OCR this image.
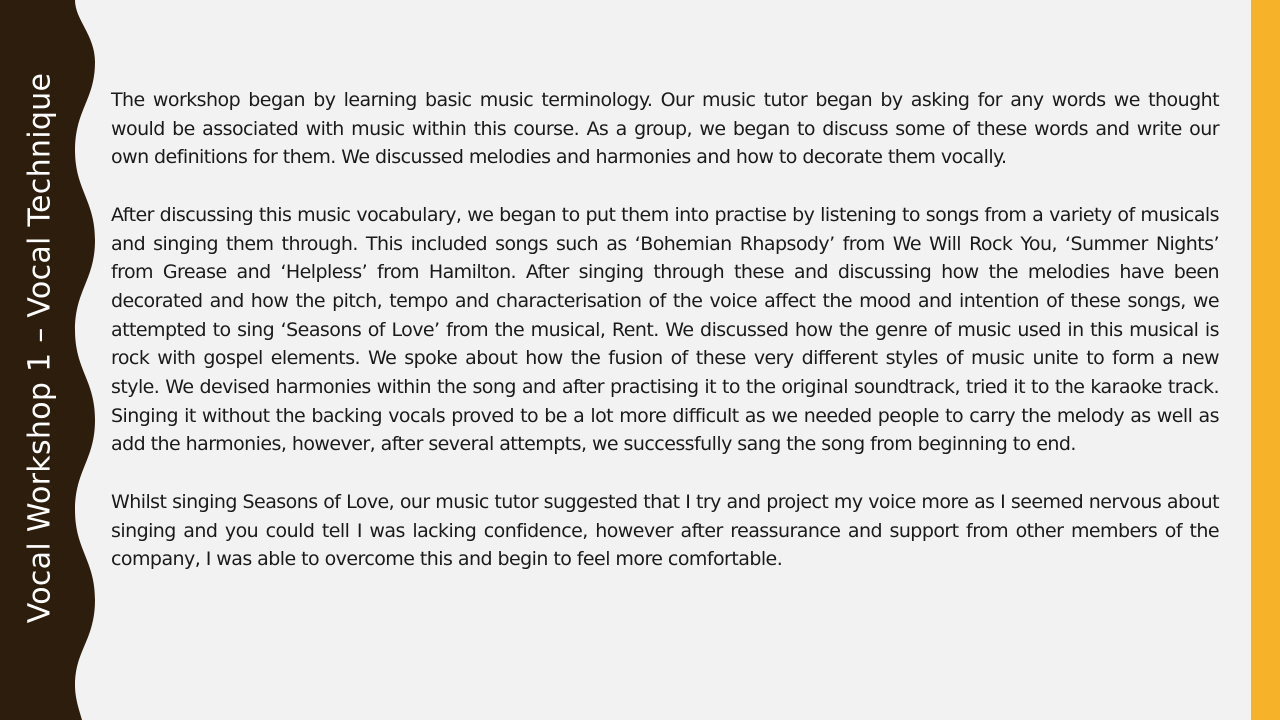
Vocal Workshop 1 – Vocal Technique	The workshop began by learning basic music terminology. Our music tutor began by asking for any words we thought would be associated with music within this course. As a group, we began to discuss some of these words and write our own definitions for them. We discussed melodies and harmonies and how to decorate them vocally.

After discussing this music vocabulary, we began to put them into practise by listening to songs from a variety of musicals and singing them through. This included songs such as ‘Bohemian Rhapsody’ from We Will Rock You, ‘Summer Nights’ from Grease and ‘Helpless’ from Hamilton. After singing through these and discussing how the melodies have been decorated and how the pitch, tempo and characterisation of the voice affect the mood and intention of these songs, we attempted to sing ‘Seasons of Love’ from the musical, Rent. We discussed how the genre of music used in this musical is rock with gospel elements. We spoke about how the fusion of these very different styles of music unite to form a new style. We devised harmonies within the song and after practising it to the original soundtrack, tried it to the karaoke track. Singing it without the backing vocals proved to be a lot more difficult as we needed people to carry the melody as well as add the harmonies, however, after several attempts, we successfully sang the song from beginning to end.

Whilst singing Seasons of Love, our music tutor suggested that I try and project my voice more as I seemed nervous about singing and you could tell I was lacking confidence, however after reassurance and support from other members of the company, I was able to overcome this and begin to feel more comfortable.
